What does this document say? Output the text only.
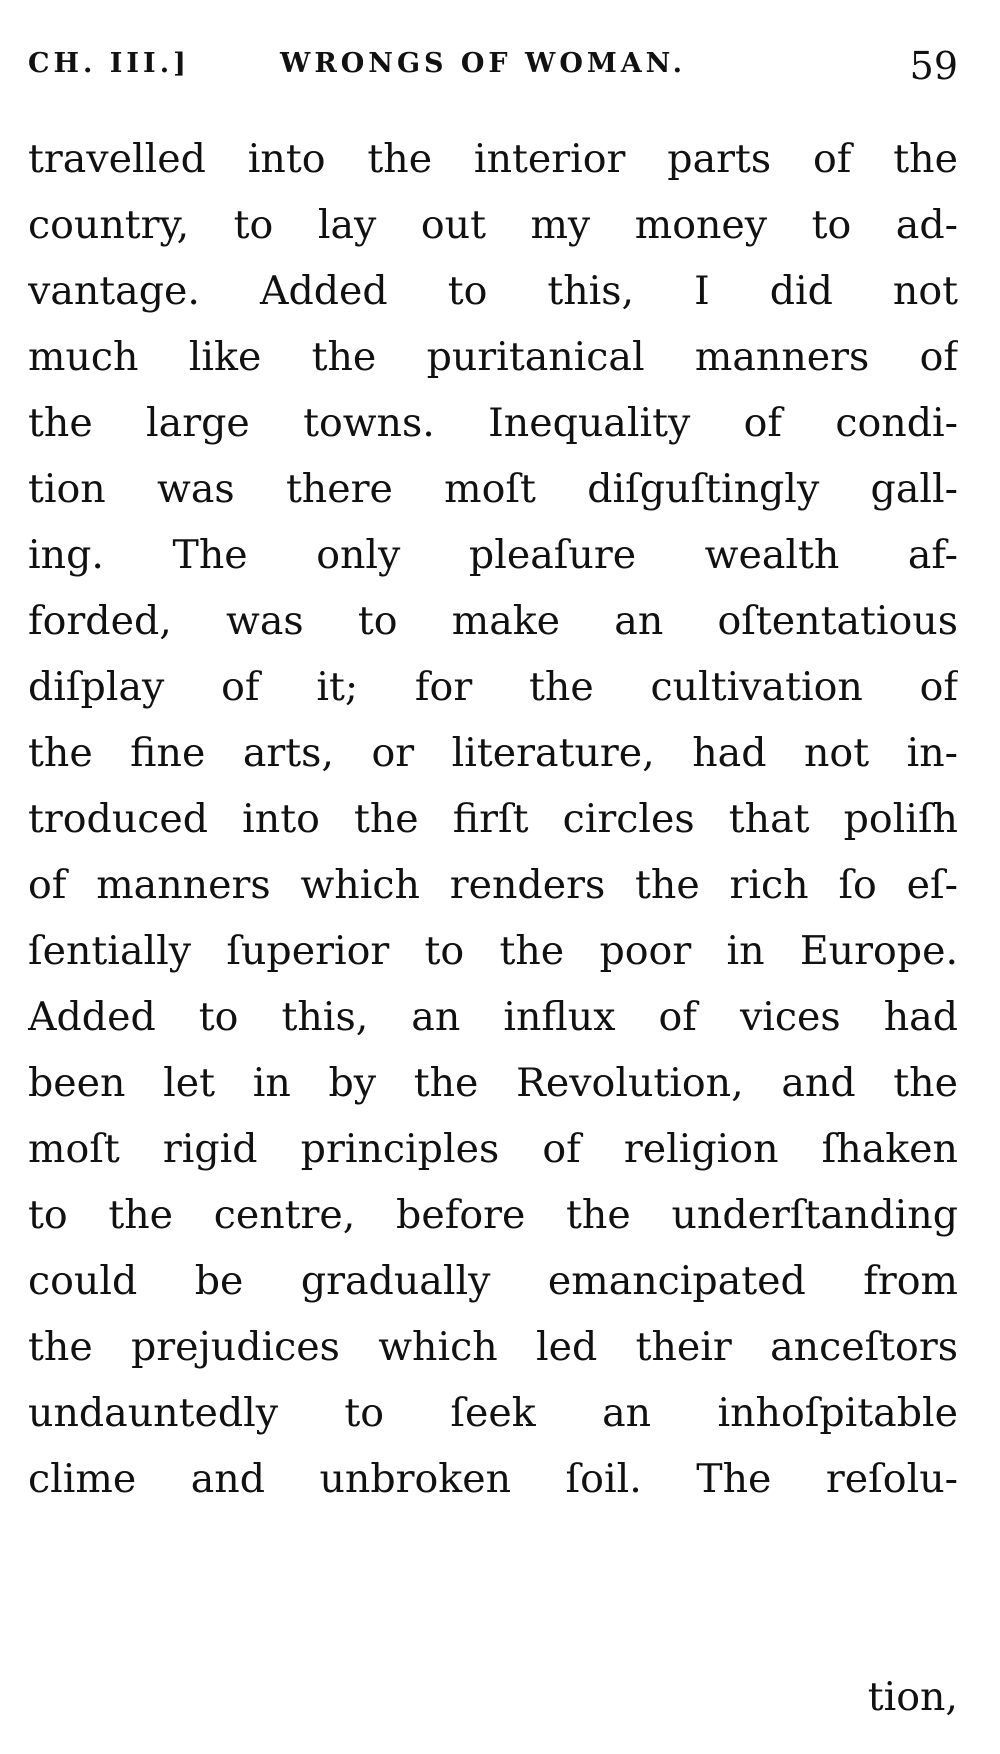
CH. III.]	WRONGS OF WOMAN.	59
travelled into the interior parts of the
country, to lay out my money to ad-
vantage. Added to this, I did not
much like the puritanical manners of
the large towns. Inequality of condi-
tion was there moſt diſguſtingly gall-
ing. The only pleaſure wealth af-
forded, was to make an oſtentatious
diſplay of it; for the cultivation of
the fine arts, or literature, had not in-
troduced into the firſt circles that poliſh
of manners which renders the rich ſo eſ-
ſentially ſuperior to the poor in Europe.
Added to this, an influx of vices had
been let in by the Revolution, and the
moſt rigid principles of religion ſhaken
to the centre, before the underſtanding
could be gradually emancipated from
the prejudices which led their anceſtors
undauntedly to ſeek an inhoſpitable
clime and unbroken ſoil. The reſolu-
tion,
